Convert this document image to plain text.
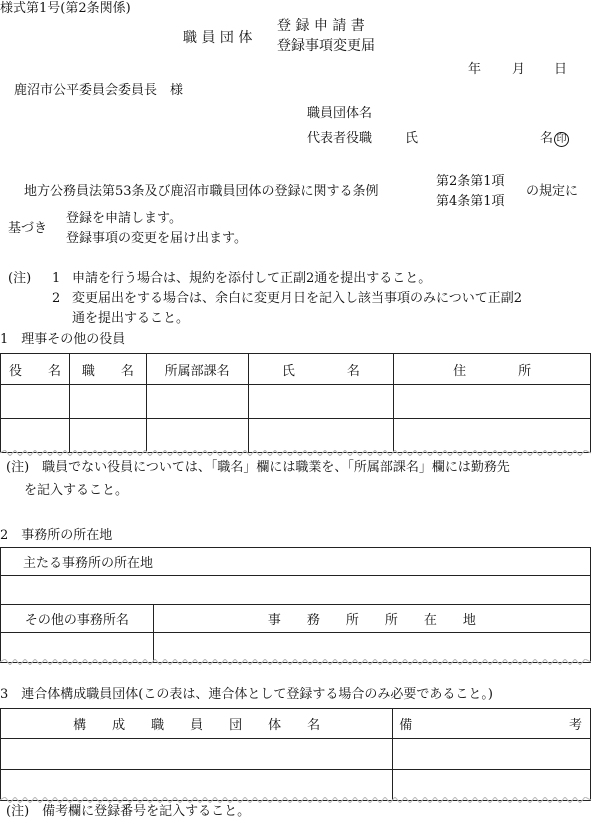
様式第1号(第2条関係)
職 員 団 体
登 録 申 請 書
登録事項変更届
年 月 日
鹿沼市公平委員会委員長　様
職員団体名
代表者役職	氏	名 印
地方公務員法第53条及び鹿沼市職員団体の登録に関する条例
第2条第1項
第4条第1項
の規定に
基づき
登録を申請します。
登録事項の変更を届け出ます。
(注) 1 申請を行う場合は、規約を添付して正副2通を提出すること。
2 変更届出をする場合は、余白に変更月日を記入し該当事項のみについて正副2
通を提出すること。
1　理事その他の役員
役　　名	職　　名	所属部課名	氏　　　　名	住　　　　所

(注)　職員でない役員については、「職名」欄には職業を、「所属部課名」欄には勤務先
を記入すること。
2　事務所の所在地
主たる事務所の所在地	

その他の事務所名	事　　務　　所　　所　　在　　地

3　連合体構成職員団体(この表は、連合体として登録する場合のみ必要であること。)
構　　成　　職　　員　　団　　体　　名	備 考

(注)　備考欄に登録番号を記入すること。
